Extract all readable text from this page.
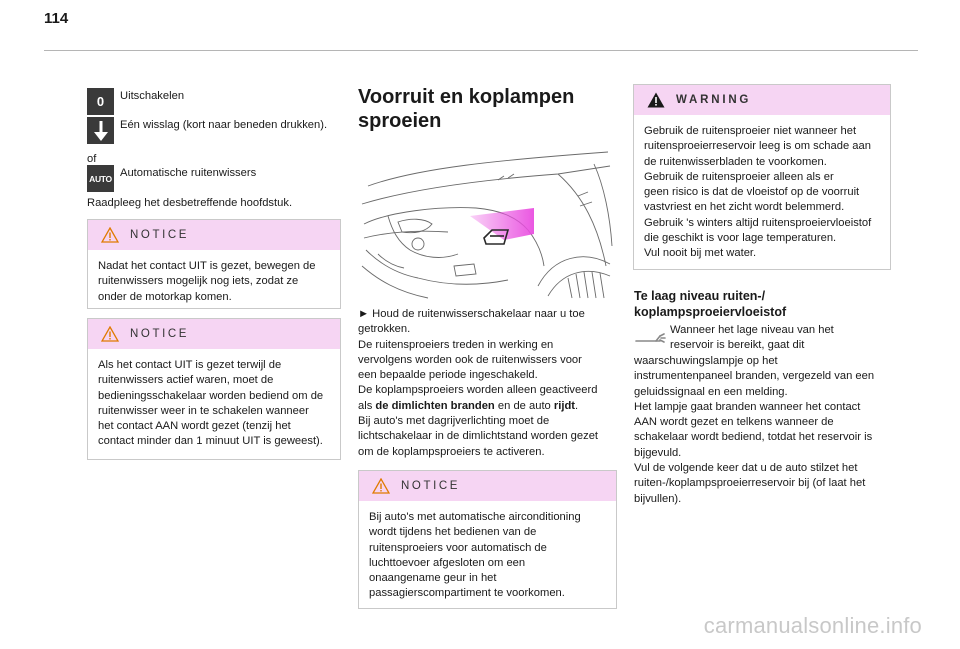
114
0	Uitschakelen
Eén wisslag (kort naar beneden drukken).
of
AUTO Automatische ruitenwissers
Raadpleeg het desbetreffende hoofdstuk.
NOTICE
Nadat het contact UIT is gezet, bewegen de
ruitenwissers mogelijk nog iets, zodat ze
onder de motorkap komen.
NOTICE
Als het contact UIT is gezet terwijl de
ruitenwissers actief waren, moet de
bedieningsschakelaar worden bediend om de
ruitenwisser weer in te schakelen wanneer
het contact AAN wordt gezet (tenzij het
contact minder dan 1 minuut UIT is geweest).
Voorruit en koplampen
sproeien
► Houd de ruitenwisserschakelaar naar u toe
getrokken.
De ruitensproeiers treden in werking en
vervolgens worden ook de ruitenwissers voor
een bepaalde periode ingeschakeld.
De koplampsproeiers worden alleen geactiveerd
als de dimlichten branden en de auto rijdt.
Bij auto's met dagrijverlichting moet de
lichtschakelaar in de dimlichtstand worden gezet
om de koplampsproeiers te activeren.
NOTICE
Bij auto's met automatische airconditioning
wordt tijdens het bedienen van de
ruitensproeiers voor automatisch de
luchttoevoer afgesloten om een
onaangename geur in het
passagierscompartiment te voorkomen.
WARNING
Gebruik de ruitensproeier niet wanneer het
ruitensproeierreservoir leeg is om schade aan
de ruitenwisserbladen te voorkomen.
Gebruik de ruitensproeier alleen als er
geen risico is dat de vloeistof op de voorruit
vastvriest en het zicht wordt belemmerd.
Gebruik 's winters altijd ruitensproeiervloeistof
die geschikt is voor lage temperaturen.
Vul nooit bij met water.
Te laag niveau ruiten-/
koplampsproeiervloeistof
Wanneer het lage niveau van het
reservoir is bereikt, gaat dit
waarschuwingslampje op het
instrumentenpaneel branden, vergezeld van een
geluidssignaal en een melding.
Het lampje gaat branden wanneer het contact
AAN wordt gezet en telkens wanneer de
schakelaar wordt bediend, totdat het reservoir is
bijgevuld.
Vul de volgende keer dat u de auto stilzet het
ruiten-/koplampsproeierreservoir bij (of laat het
bijvullen).
carmanualsonline.info
